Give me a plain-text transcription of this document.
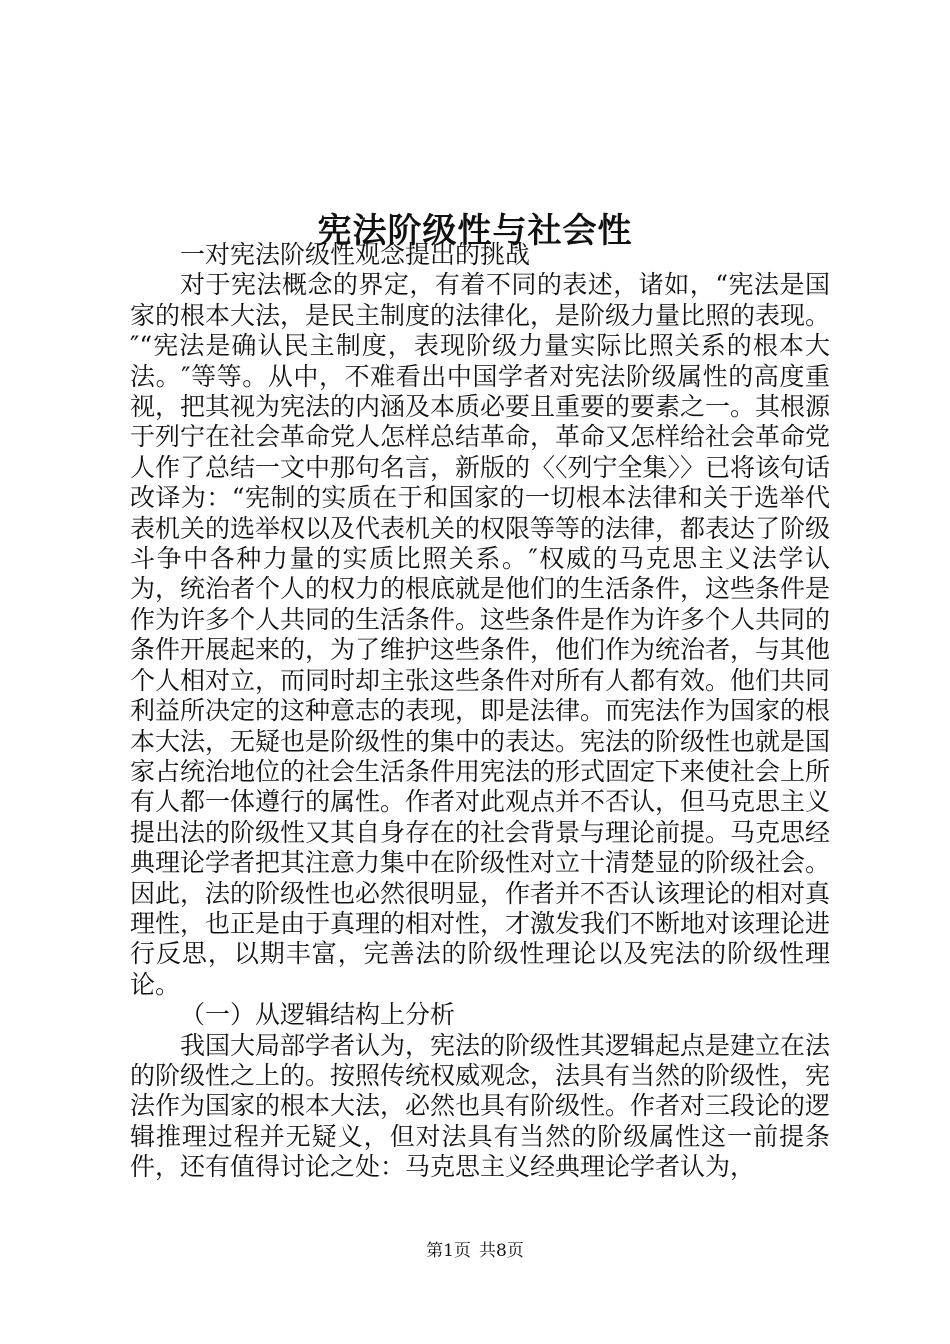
宪法阶级性与社会性

一对宪法阶级性观念提出的挑战

对于宪法概念的界定，有着不同的表述，诸如，“宪法是国家的根本大法，是民主制度的法律化，是阶级力量比照的表现。″“宪法是确认民主制度，表现阶级力量实际比照关系的根本大法。″等等。从中，不难看出中国学者对宪法阶级属性的高度重视，把其视为宪法的内涵及本质必要且重要的要素之一。其根源于列宁在社会革命党人怎样总结革命，革命又怎样给社会革命党人作了总结一文中那句名言，新版的〈〈列宁全集〉〉已将该句话改译为：“宪制的实质在于和国家的一切根本法律和关于选举代表机关的选举权以及代表机关的权限等等的法律，都表达了阶级斗争中各种力量的实质比照关系。″权威的马克思主义法学认为，统治者个人的权力的根底就是他们的生活条件，这些条件是作为许多个人共同的生活条件。这些条件是作为许多个人共同的条件开展起来的，为了维护这些条件，他们作为统治者，与其他个人相对立，而同时却主张这些条件对所有人都有效。他们共同利益所决定的这种意志的表现，即是法律。而宪法作为国家的根本大法，无疑也是阶级性的集中的表达。宪法的阶级性也就是国家占统治地位的社会生活条件用宪法的形式固定下来使社会上所有人都一体遵行的属性。作者对此观点并不否认，但马克思主义提出法的阶级性又其自身存在的社会背景与理论前提。马克思经典理论学者把其注意力集中在阶级性对立十清楚显的阶级社会。因此，法的阶级性也必然很明显，作者并不否认该理论的相对真理性，也正是由于真理的相对性，才激发我们不断地对该理论进行反思，以期丰富，完善法的阶级性理论以及宪法的阶级性理论。

（一）从逻辑结构上分析

我国大局部学者认为，宪法的阶级性其逻辑起点是建立在法的阶级性之上的。按照传统权威观念，法具有当然的阶级性，宪法作为国家的根本大法，必然也具有阶级性。作者对三段论的逻辑推理过程并无疑义，但对法具有当然的阶级属性这一前提条件，还有值得讨论之处：马克思主义经典理论学者认为，

第1页 共8页
